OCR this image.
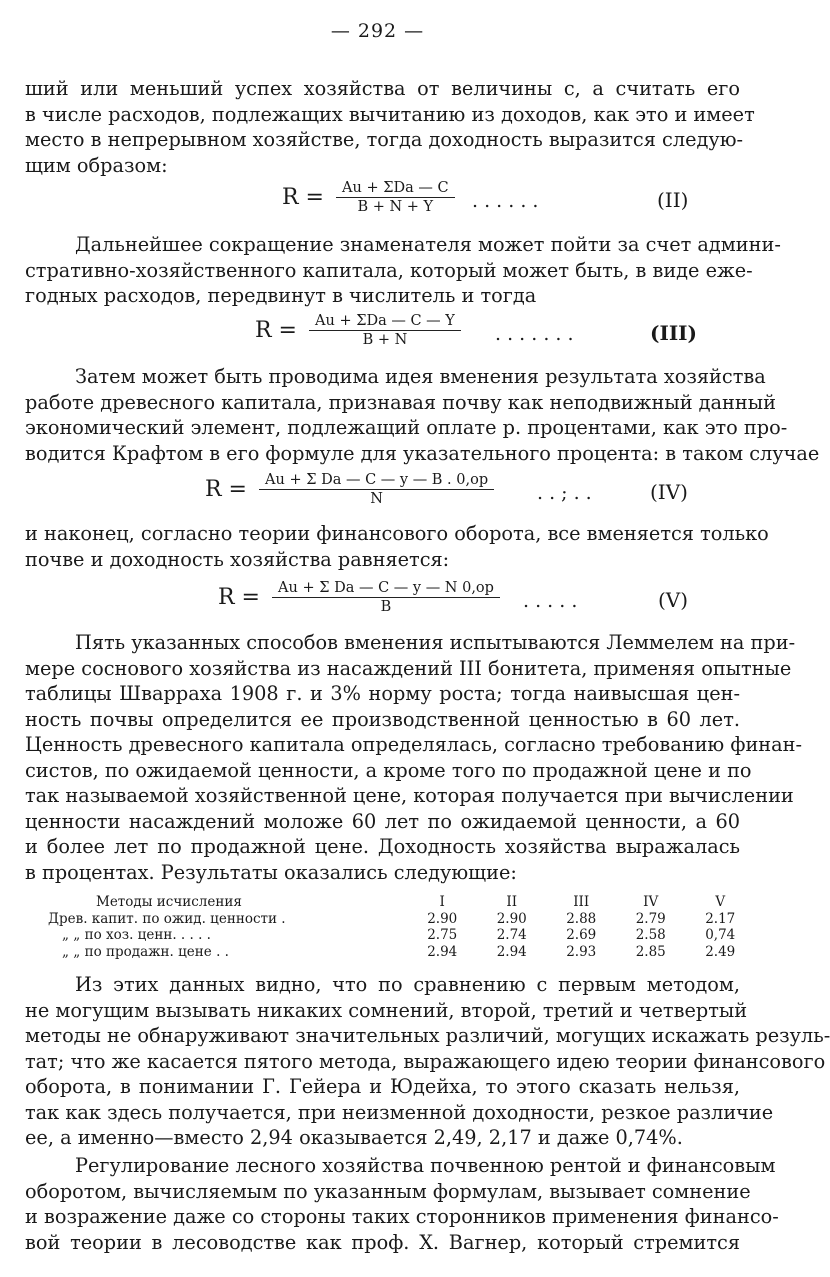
— 292 —
ший или меньший успех хозяйства от величины с, а считать его
в числе расходов, подлежащих вычитанию из доходов, как это и имеет
место в непрерывном хозяйстве, тогда доходность выразится следую-
щим образом:
$R = \frac{\text{Au + ΣDa — C}}{B + N + Y}$ . . . . . .	(II)
Дальнейшее сокращение знаменателя может пойти за счет админи-
стративно-хозяйственного капитала, который может быть, в виде еже-
годных расходов, передвинут в числитель и тогда
$R = \frac{\text{Au + ΣDa — C — Y}}{B + N}$ . . . . . . .	(III)
Затем может быть проводима идея вменения результата хозяйства
работе древесного капитала, признавая почву как неподвижный данный
экономический элемент, подлежащий оплате р. процентами, как это про-
водится Крафтом в его формуле для указательного процента: в таком случае
$R = \frac{\text{Au + Σ Da — C — y — B . 0,op}}{N}$ . . ; . .	(IV)
и наконец, согласно теории финансового оборота, все вменяется только
почве и доходность хозяйства равняется:
$R = \frac{\text{Au + Σ Da — C — y — N 0,op}}{B}$ . . . . .	(V)
Пять указанных способов вменения испытываются Леммелем на при-
мере соснового хозяйства из насаждений III бонитета, применяя опытные
таблицы Швappаха 1908 г. и 3% норму роста; тогда наивысшая цен-
ность почвы определится ее производственной ценностью в 60 лет.
Ценность древесного капитала определялась, согласно требованию финан-
систов, по ожидаемой ценности, а кроме того по продажной цене и по
так называемой хозяйственной цене, которая получается при вычислении
ценности насаждений моложе 60 лет по ожидаемой ценности, а 60
и более лет по продажной цене. Доходность хозяйства выражалась
в процентах. Результаты оказались следующие:
Методы исчисления	I	II	III	IV	V
Древ. капит. по ожид. ценности .	2.90	2.90	2.88	2.79	2.17
„ „ по хоз. ценн. . . . .	2.75	2.74	2.69	2.58	0,74
„ „ по продажн. цене . .	2.94	2.94	2.93	2.85	2.49
Из этих данных видно, что по сравнению с первым методом,
не могущим вызывать никаких сомнений, второй, третий и четвертый
методы не обнаруживают значительных различий, могущих искажать резуль-
тат; что же касается пятого метода, выражающего идею теории финансового
оборота, в понимании Г. Гейера и Юдейха, то этого сказать нельзя,
так как здесь получается, при неизменной доходности, резкое различие
ее, а именно—вместо 2,94 оказывается 2,49, 2,17 и даже 0,74%.
Регулирование лесного хозяйства почвенною рентой и финансовым
оборотом, вычисляемым по указанным формулам, вызывает сомнение
и возражение даже со стороны таких сторонников применения финансо-
вой теории в лесоводстве как проф. Х. Вагнер, который стремится
